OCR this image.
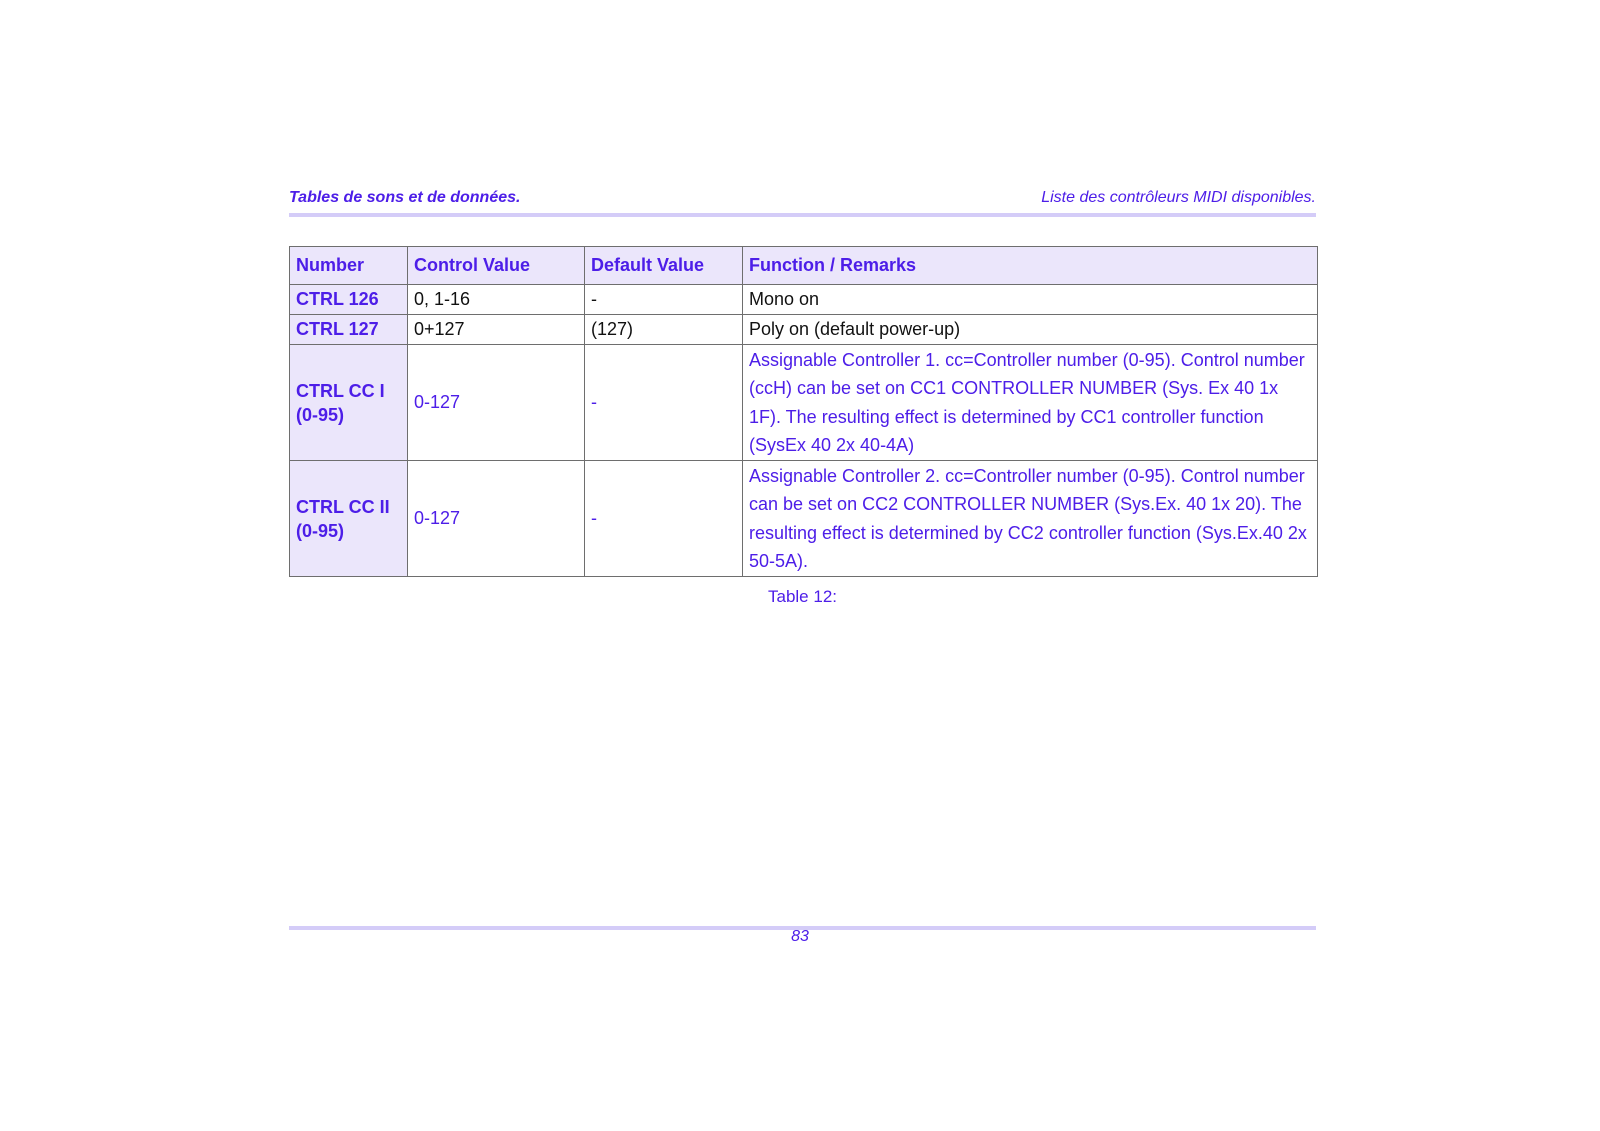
Tables de sons et de données.	Liste des contrôleurs MIDI disponibles.
Number	Control Value	Default Value	Function / Remarks
CTRL 126	0, 1-16	-	Mono on
CTRL 127	0+127	(127)	Poly on (default power-up)
CTRL CC I (0-95)	0-127	-	Assignable Controller 1. cc=Controller number (0-95). Control number (ccH) can be set on CC1 CONTROLLER NUMBER (Sys. Ex 40 1x 1F). The resulting effect is determined by CC1 controller function (SysEx 40 2x 40-4A)
CTRL CC II (0-95)	0-127	-	Assignable Controller 2. cc=Controller number (0-95). Control number can be set on CC2 CONTROLLER NUMBER (Sys.Ex. 40 1x 20). The resulting effect is determined by CC2 controller function (Sys.Ex.40 2x 50-5A).
Table 12:
83
